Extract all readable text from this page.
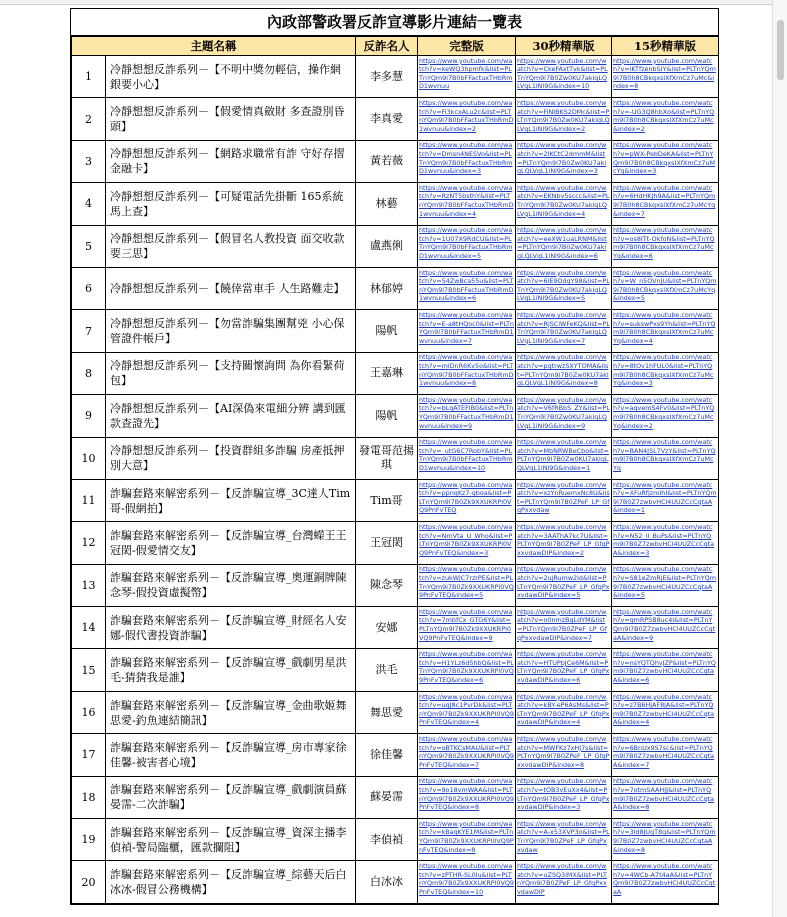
內政部警政署反詐宣導影片連結一覽表
主題名稱		反詐名人	完整版	30秒精華版	15秒精華版
1	冷靜想想反詐系列－【不明中獎勿輕信，操作網銀要小心】	李多慧	https://www.youtube.com/watch?v=keWQ3hpmfk&list=PLTnYQm9l7B0bFFactuxTHbRmD1wvnuu	https://www.youtube.com/watch?v=CkeFAxtTvk&list=PLTnYQm9l7B0Zw0KU7akigLQLVqL1iNl9G&index=10	https://www.youtube.com/watch?v=iKTfzenbSIY&list=PLTnYQm9l7B0h8CBkqxsIXfXmCz7uMc&index=8

2	冷靜想想反詐系列－【假愛情真斂財 多查證別昏頭】	李真愛	https://www.youtube.com/watch?v=Fi3kcxALu2c&list=PLTnYQm9l7B0bFFactuxTHbRmD1wvnuu&index=2	https://www.youtube.com/watch?v=FiNIBKS2DMc&list=PLTnYQm9l7B0Zw0KU7akigLQLVqL1iNl9G&index=2	https://www.youtube.com/watch?v=-UG3Q8hbXo&list=PLTnYQm9l7B0h8CBkqxsIXfXmCz7uMc&index=2

3	冷靜想想反詐系列－【網路求職常有詐 守好存摺金融卡】	黃若薇	https://www.youtube.com/watch?v=Dmsn4NESVo&list=PLTnYQm9l7B0bFFactuxTHbRmD1wvnuu&index=3	https://www.youtube.com/watch?v=2IKCtC2dmmM&list=PLTnYQm9l7B0Zw0KU7akigLQLVqL1iNl9G&index=3	https://www.youtube.com/watch?v=pWX-PebDeKA&list=PLTnYQm9l7B0h8CBkqxsIXfXmCz7uMcYq&index=3

4	冷靜想想反詐系列－【可疑電話先掛斷 165系統馬上查】	林藝	https://www.youtube.com/watch?v=RzNT5bsthY&list=PLTnYQm9l7B0bFFactuxTHbRmD1wvnuu&index=4	https://www.youtube.com/watch?v=EKNbv5sccc&list=PLTnYQm9l7B0Zw0KU7akigLQLVqL1iNl9G&index=4	https://www.youtube.com/watch?v=6HdHKJh9A&list=PLTnYQm9l7B0h8CBkqxsIXfXmCz7uMcYq&index=7

5	冷靜想想反詐系列－【假冒名人教投資 面交收款要三思】	盧燕俐	https://www.youtube.com/watch?v=1U07X9RdCU&list=PLTnYQm9l7B0bFFactuxTHbRmD1wvnuu&index=5	https://www.youtube.com/watch?v=eeXW1uaLRNM&list=PLTnYQm9l7B0Zw0KU7akigLQLVqL1iNl9G&index=6	https://www.youtube.com/watch?v=os8ITt-OkfoN&list=PLTnYQm9l7B0h8CBkqxsIXfXmCz7uMcYq&index=6

6	冷靜想想反詐系列－【饒倖當車手 人生路難走】	林郁婷	https://www.youtube.com/watch?v=54ZwBca55u&list=PLTnYQm9l7B0bFFactuxTHbRmD1wvnuu&index=6	https://www.youtube.com/watch?v=6iE9OdqY98&list=PLTnYQm9l7B0Zw0KU7akigLQLVqL1iNl9G&index=5	https://www.youtube.com/watch?v=W_n5OVnJU&list=PLTnYQm9l7B0h8CBkqxsIXfXmCz7uMcYq&index=5

7	冷靜想想反詐系列－【勿當詐騙集團幫兇 小心保管證件帳戶】	陽帆	https://www.youtube.com/watch?v=E-a8tHQoc0&list=PLTnYQm9l7B0bFFactuxTHbRmD1wvnuu&index=7	https://www.youtube.com/watch?v=RjSCiWFeKQ&list=PLTnYQm9l7B0Zw0KU7akigLQLVqL1iNl9G&index=7	https://www.youtube.com/watch?v=sukswPxs9Yh&list=PLTnYQm9l7B0h8CBkqxsIXfXmCz7uMcYq&index=4

8	冷靜想想反詐系列－【支持關懷詢問 為你看緊荷包】	王嘉琳	https://www.youtube.com/watch?v=mlDnR6Kv5o&list=PLTnYQm9l7B0bFFactuxTHbRmD1wvnuu&index=8	https://www.youtube.com/watch?v=pgtrwzSXYTOMA&list=PLTnYQm9l7B0Zw0KU7akigLQLVqL1iNl9G&index=8	https://www.youtube.com/watch?v=8tOv1hFUL0&list=PLTnYQm9l7B0h8CBkqxsIXfXmCz7uMcYq&index=3

9	冷靜想想反詐系列－【AI深偽來電細分辨 講到匯款查證先】	陽帆	https://www.youtube.com/watch?v=bLqATEFIB0&list=PLTnYQm9l7B0bFFactuxTHbRmD1wvnuu&index=9	https://www.youtube.com/watch?v=V6fRBbS_ZY&list=PLTnYQm9l7B0Zw0KU7akigLQLVqL1iNl9G&index=9	https://www.youtube.com/watch?v=aqvemS4Fv0&list=PLTnYQm9l7B0h8CBkqxsIXfXmCz7uMcYq&index=2

10	冷靜想想反詐系列－【投資群組多詐騙 房產抵押別大意】	發電哥范揚琪	https://www.youtube.com/watch?v=_utG6C7RobY&list=PLTnYQm9l7B0bFFactuxTHbRmD1wvnuu&index=10	https://www.youtube.com/watch?v=MbNRWBeCbo&list=PLTnYQm9l7B0Zw0KU7akigLQLVqL1iNl9G&index=1	https://www.youtube.com/watch?v=BAN4JSL7VzY&list=PLTnYQm9l7B0h8CBkqxsIXfXmCz7uMcYq

11	詐騙套路來解密系列－【反詐騙宣導_3C達人Tim哥-假網拍】	Tim哥	https://www.youtube.com/watch?v=ppnqKz7-gboa&list=PLTnYQm9l7B0Zk9XXUKRPl0VQ9PnFvTEQ	https://www.youtube.com/watch?v=xzYnRuemxNc8U&list=PLTnYQm9l7B0ZPeF_LP_GfqPxxvdaw	https://www.youtube.com/watch?v=XFuRfjzmIhI&list=PLTnYQm9l7B0Z7zwbvHCl4UUZCcCqtaA&index=1

12	詐騙套路來解密系列－【反詐騙宣導_台灣蠑王王冠閎-假愛情交友】	王冠閎	https://www.youtube.com/watch?v=NmVta_U_Who&list=PLTnYQm9l7B0Zk9XXUKRPl0VQ9PnFvTEQ&index=3	https://www.youtube.com/watch?v=3AAThA7kc7U&list=PLTnYQm9l7B0ZPeF_LP_GfqPxxvdawDIP&index=2	https://www.youtube.com/watch?v=N52_iI_BuPs&list=PLTnYQm9l7B0Z7zwbvHCl4UUZCcCqtaA&index=3

13	詐騙套路來解密系列－【反詐騙宣導_奧運銅牌陳念琴-假投資虛擬幣】	陳念琴	https://www.youtube.com/watch?v=zukWjC7rzrPE&list=PLTnYQm9l7B0Zk9XXUKRPl0VQ9PnFvTEQ&index=5	https://www.youtube.com/watch?v=2ujRumw2ld&list=PLTnYQm9l7B0ZPeF_LP_GfqPxxvdawDIP&index=5	https://www.youtube.com/watch?v=S81eZmRjE&list=PLTnYQm9l7B0Z7zwbvHCl4UUZCcCqtaA&index=5

14	詐騙套路來解密系列－【反詐騙宣導_財經名人安娜-假代書投資詐騙】	安娜	https://www.youtube.com/watch?v=7mbfCx_GTG6Y&list=PLTnYQm9l7B0Zk9XXUKRPl0VQ9PnFvTEQ&index=9	https://www.youtube.com/watch?v=o0nmzBqLdYM&list=PLTnYQm9l7B0ZPeF_LP_GfqPxxvdawDIP&index=7	https://www.youtube.com/watch?v=qmRPSB8uc4I&list=PLTnYQm9l7B0Z7zwbvHCl4UUZCcCqtaA&index=9

15	詐騙套路來解密系列－【反詐騙宣導_戲劇男星洪毛-猜猜我是誰】	洪毛	https://www.youtube.com/watch?v=H1YLz6d5hbQ&list=PLTnYQm9l7B0Zk9XXUKRPl0VQ9PnFvTEQ&index=6	https://www.youtube.com/watch?v=HTUPbJCe6M&list=PLTnYQm9l7B0ZPeF_LP_GfqPxxvdawDIP&index=6	https://www.youtube.com/watch?v=nsYQTQhvJZP&list=PLTnYQm9l7B0Z7zwbvHCl4UUZCcCqtaA&index=6

16	詐騙套路來解密系列－【反詐騙宣導_金曲歌姬舞思愛-釣魚連結簡訊】	舞思愛	https://www.youtube.com/watch?v=uqJ8c1PvrDk&list=PLTnYQm9l7B0Zk9XXUKRPl0VQ9PnFvTEQ&index=4	https://www.youtube.com/watch?v=kBY-eP6AsMs&list=PLTnYQm9l7B0ZPeF_LP_GfqPxxvdawDIP&index=4	https://www.youtube.com/watch?v=z7B6HjAF8jA&list=PLTnYQm9l7B0Z7zwbvHCl4UUZCcCqtaA&index=4

17	詐騙套路來解密系列－【反詐騙宣導_房市專家徐佳馨-被害者心境】	徐佳馨	https://www.youtube.com/watch?v=oBTKCsMAU&list=PLTnYQm9l7B0Zk9XXUKRPl0VQ9PnFvTEQ&index=7	https://www.youtube.com/watch?v=MWFKz7xHJ7s&list=PLTnYQm9l7B0ZPeF_LP_GfqPxxvdawDIP&index=8	https://www.youtube.com/watch?v=6BnUx9S7sc&list=PLTnYQm9l7B0Z7zwbvHCl4UUZCcCqtaA&index=7

18	詐騙套路來解密系列－【反詐騙宣導_戲劇演員蘇晏霈-二次詐騙】	蘇晏霈	https://www.youtube.com/watch?v=9o18vmWAA&list=PLTnYQm9l7B0Zk9XXUKRPl0VQ9PnFvTEQ&index=8	https://www.youtube.com/watch?v=tOB3vEuXx4&list=PLTnYQm9l7B0ZPeF_LP_GfqPxxvdawDIP&index=3	https://www.youtube.com/watch?v=7otmSAAHJJ&list=PLTnYQm9l7B0Z7zwbvHCl4UUZCcCqtaA&index=8

19	詐騙套路來解密系列－【反詐騙宣導_資深主播李偵禎-警局臨櫃，匯款攔阻】	李偵禎	https://www.youtube.com/watch?v=kBaqKYE1M&list=PLTnYQm9l7B0Zk9XXUKRPl0VQ9PnFvTEQ&index=8	https://www.youtube.com/watch?v=A-x53XVP3o&list=PLTnYQm9l7B0ZPeF_LP_GfqPxxvdaw	https://www.youtube.com/watch?v=3ld8JUgT8g&list=PLTnYQm9l7B0Z7zwbvHCl4UUZCcCqtaA&index=8

20	詐騙套路來解密系列－【反詐騙宣導_綜藝天后白冰冰-假冒公務機構】	白冰冰	https://www.youtube.com/watch?v=zPTHR-SL0Iu&list=PLTnYQm9l7B0Zk9XXUKRPl0VQ9PnFvTEQ&index=10	https://www.youtube.com/watch?v=uZSQ3iMX&list=PLTnYQm9l7B0ZPeF_LP_GfqPxxvdawDIP	https://www.youtube.com/watch?v=4WCb-A7t4aA&list=PLTnYQm9l7B0Z7zwbvHCl4UUZCcCqtaA
